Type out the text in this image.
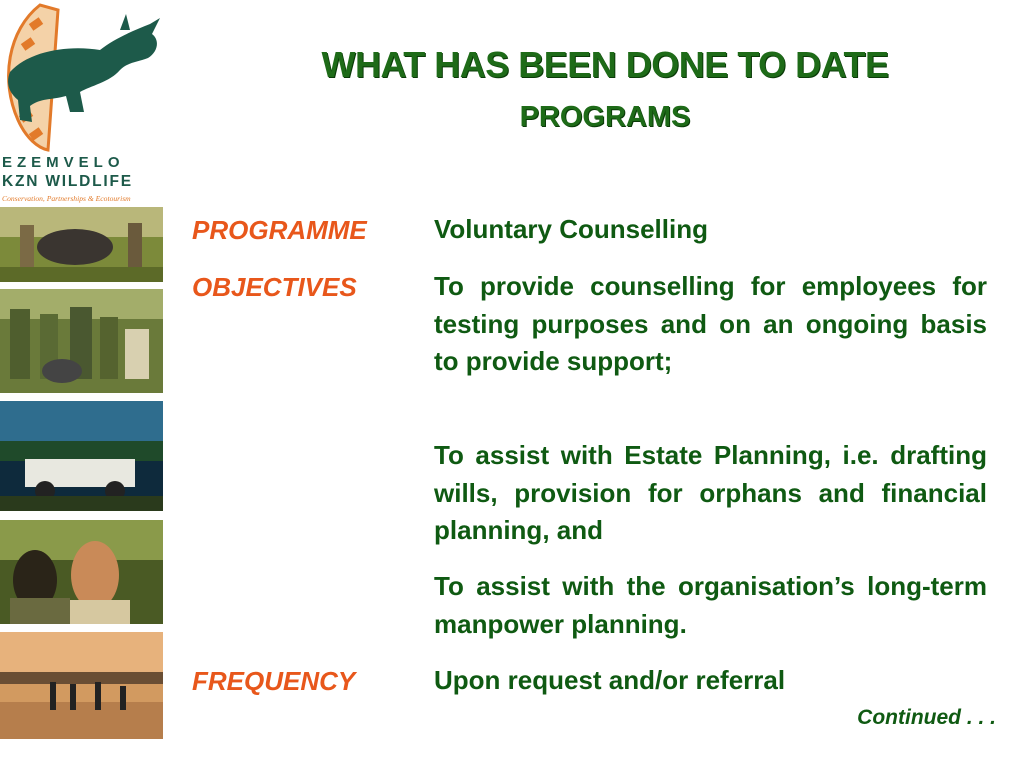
EZEMVELO
KZN WILDLIFE
Conservation, Partnerships & Ecotourism
WHAT HAS BEEN DONE TO DATE
PROGRAMS
PROGRAMME	Voluntary Counselling
OBJECTIVES	To provide counselling for employees for testing purposes and on an ongoing basis to provide support;
To assist with Estate Planning, i.e. drafting wills, provision for orphans and financial planning, and
To assist with the organisation’s long-term manpower planning.
FREQUENCY	Upon request and/or referral
Continued . . .
